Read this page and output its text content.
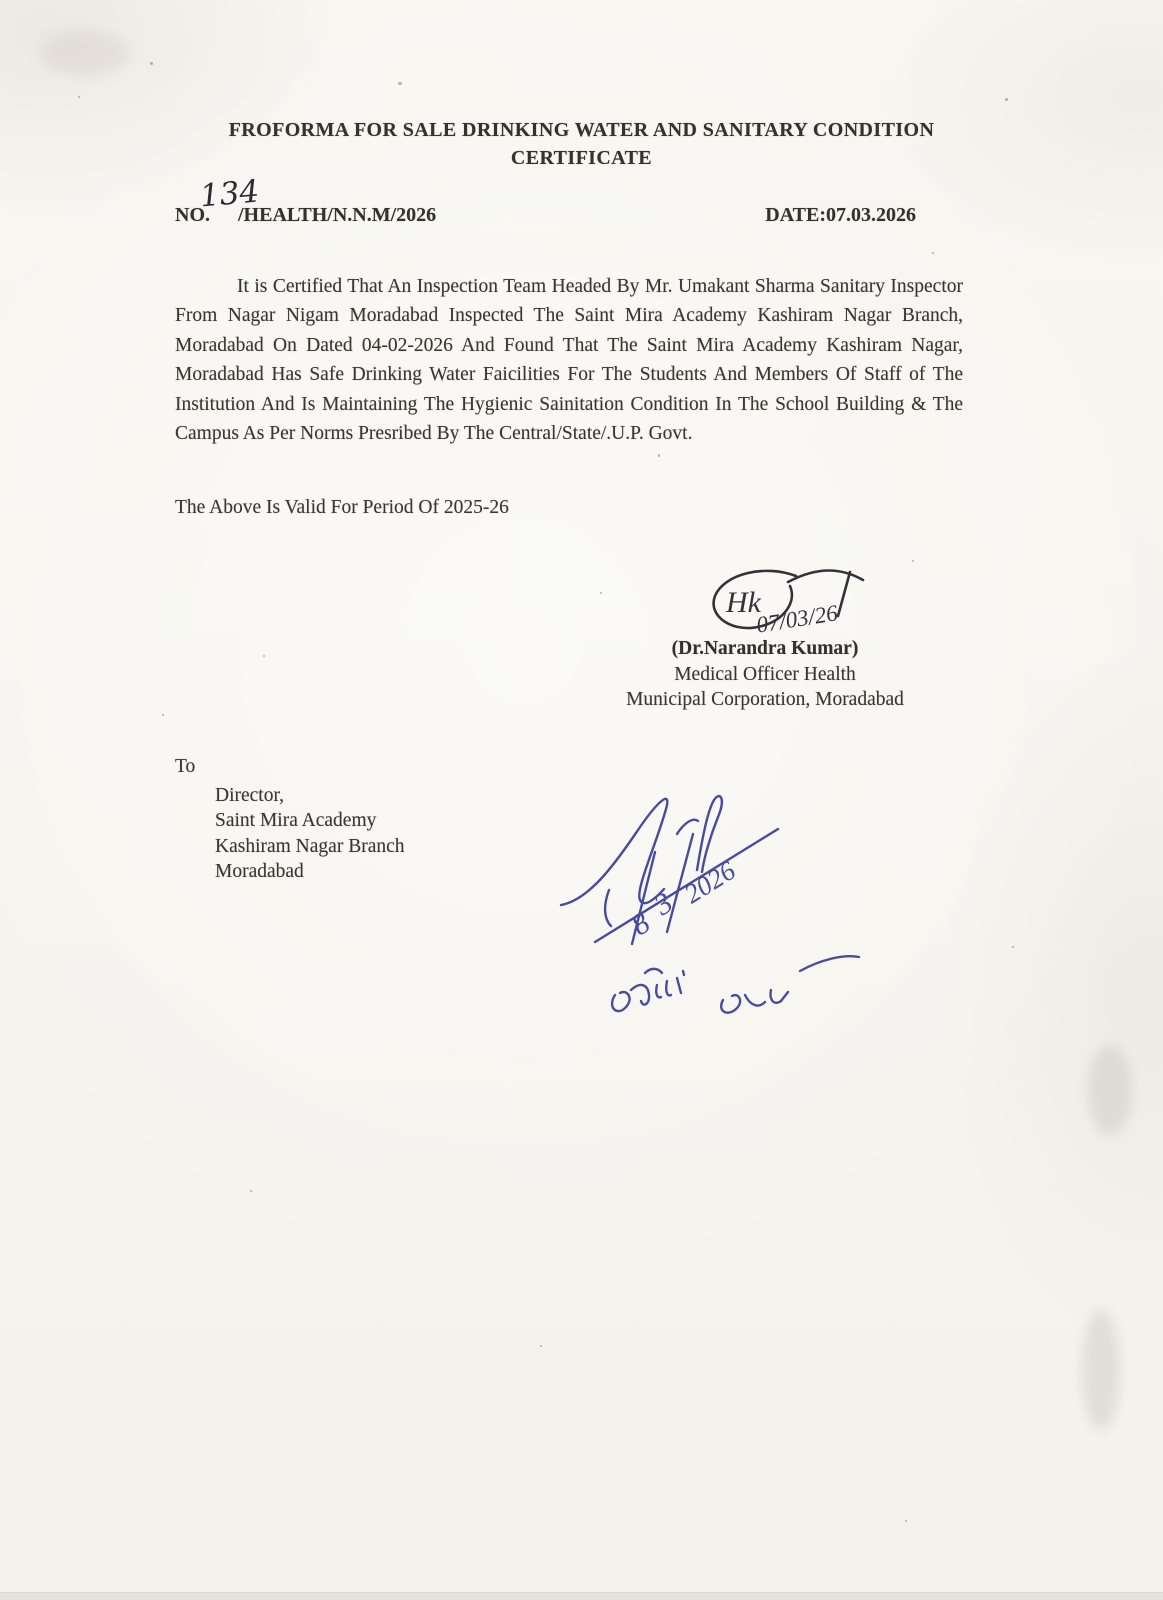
FROFORMA FOR SALE DRINKING WATER AND SANITARY CONDITION
CERTIFICATE
134
NO. /HEALTH/N.N.M/2026	DATE:07.03.2026

It is Certified That An Inspection Team Headed By Mr. Umakant Sharma Sanitary Inspector From Nagar Nigam Moradabad Inspected The Saint Mira Academy Kashiram Nagar Branch, Moradabad On Dated 04-02-2026 And Found That The Saint Mira Academy Kashiram Nagar, Moradabad Has Safe Drinking Water Faicilities For The Students And Members Of Staff of The Institution And Is Maintaining The Hygienic Sainitation Condition In The School Building & The Campus As Per Norms Presribed By The Central/State/.U.P. Govt.

The Above Is Valid For Period Of 2025-26
Hk
07/03/26
(Dr.Narandra Kumar)
Medical Officer Health
Municipal Corporation, Moradabad
To
Director,
Saint Mira Academy
Kashiram Nagar Branch
Moradabad
8
3 2026
